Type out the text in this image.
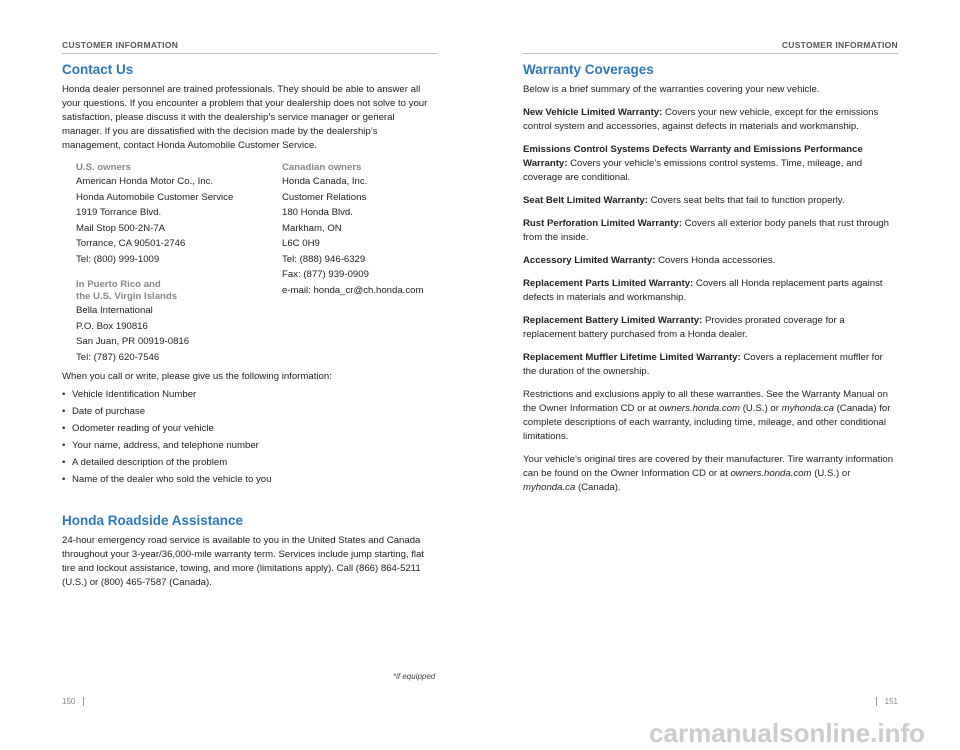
CUSTOMER INFORMATION
Contact Us

Honda dealer personnel are trained professionals. They should be able to answer all your questions. If you encounter a problem that your dealership does not solve to your satisfaction, please discuss it with the dealership’s service manager or general manager. If you are dissatisfied with the decision made by the dealership’s management, contact Honda Automobile Customer Service.

U.S. owners
American Honda Motor Co., Inc.
Honda Automobile Customer Service
1919 Torrance Blvd.
Mail Stop 500-2N-7A
Torrance, CA 90501-2746
Tel: (800) 999-1009
In Puerto Rico and
the U.S. Virgin Islands
Bella International
P.O. Box 190816
San Juan, PR 00919-0816
Tel: (787) 620-7546
Canadian owners
Honda Canada, Inc.
Customer Relations
180 Honda Blvd.
Markham, ON
L6C 0H9
Tel: (888) 946-6329
Fax: (877) 939-0909
e-mail: honda_cr@ch.honda.com

When you call or write, please give us the following information:

• Vehicle Identification Number
• Date of purchase
• Odometer reading of your vehicle
• Your name, address, and telephone number
• A detailed description of the problem
• Name of the dealer who sold the vehicle to you
Honda Roadside Assistance

24-hour emergency road service is available to you in the United States and Canada throughout your 3-year/36,000-mile warranty term. Services include jump starting, flat tire and lockout assistance, towing, and more (limitations apply). Call (866) 864-5211 (U.S.) or (800) 465-7587 (Canada).

150
CUSTOMER INFORMATION
Warranty Coverages

Below is a brief summary of the warranties covering your new vehicle.

New Vehicle Limited Warranty: Covers your new vehicle, except for the emissions control system and accessories, against defects in materials and workmanship.

Emissions Control Systems Defects Warranty and Emissions Performance Warranty: Covers your vehicle’s emissions control systems. Time, mileage, and coverage are conditional.

Seat Belt Limited Warranty: Covers seat belts that fail to function properly.

Rust Perforation Limited Warranty: Covers all exterior body panels that rust through from the inside.

Accessory Limited Warranty: Covers Honda accessories.

Replacement Parts Limited Warranty: Covers all Honda replacement parts against defects in materials and workmanship.

Replacement Battery Limited Warranty: Provides prorated coverage for a replacement battery purchased from a Honda dealer.

Replacement Muffler Lifetime Limited Warranty: Covers a replacement muffler for the duration of the ownership.

Restrictions and exclusions apply to all these warranties. See the Warranty Manual on the Owner Information CD or at owners.honda.com (U.S.) or myhonda.ca (Canada) for complete descriptions of each warranty, including time, mileage, and other conditional limitations.

Your vehicle’s original tires are covered by their manufacturer. Tire warranty information can be found on the Owner Information CD or at owners.honda.com (U.S.) or myhonda.ca (Canada).

*if equipped
151
carmanualsonline.info
